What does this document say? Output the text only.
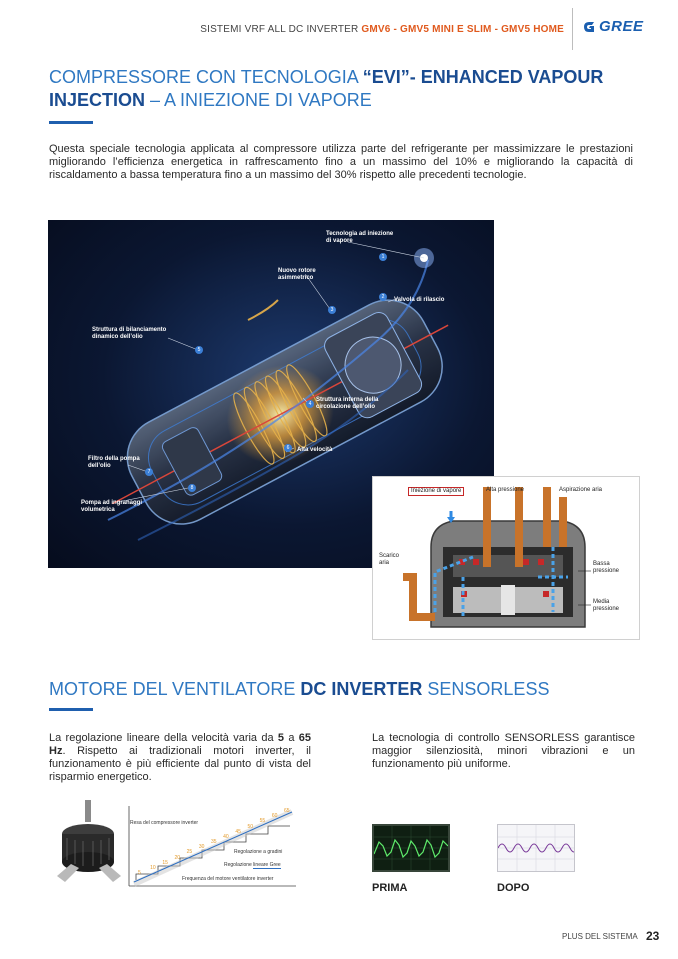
SISTEMI VRF ALL DC INVERTER GMV6 - GMV5 MINI E SLIM - GMV5 HOME GREE
COMPRESSORE CON TECNOLOGIA “EVI”- ENHANCED VAPOUR INJECTION – A INIEZIONE DI VAPORE
Questa speciale tecnologia applicata al compressore utilizza parte del refrigerante per massimizzare le prestazioni migliorando l’efficienza energetica in raffrescamento fino a un massimo del 10% e migliorando la capacità di riscaldamento a bassa temperatura fino a un massimo del 30% rispetto alle precedenti tecnologie.
Tecnologia ad iniezione di vapore
Nuovo rotore asimmetrico
Valvola di rilascio
Struttura di bilanciamento dinamico dell’olio
Struttura interna della circolazione dell’olio
Alta velocità
Filtro della pompa dell’olio
Pompa ad ingranaggi volumetrica
1
2
3
4
5
6
7
8	Iniezione di vapore	Alta pressione	Aspirazione aria
Scarico aria	Bassa pressione
Media pressione
MOTORE DEL VENTILATORE DC INVERTER SENSORLESS
La regolazione lineare della velocità varia da 5 a 65 Hz. Rispetto ai tradizionali motori inverter, il funzionamento è più efficiente dal punto di vista del risparmio energetico.
La tecnologia di controllo SENSORLESS garantisce maggior silenziosità, minori vibrazioni e un funzionamento più uniforme.
Resa del compressore inverter
Regolazione a gradini
Regolazione lineare Gree
Frequenza del motore ventilatore inverter
5
10
15
20
25
30
35
40
45
50
55
60
65
PRIMA	DOPO
PLUS DEL SISTEMA 23
